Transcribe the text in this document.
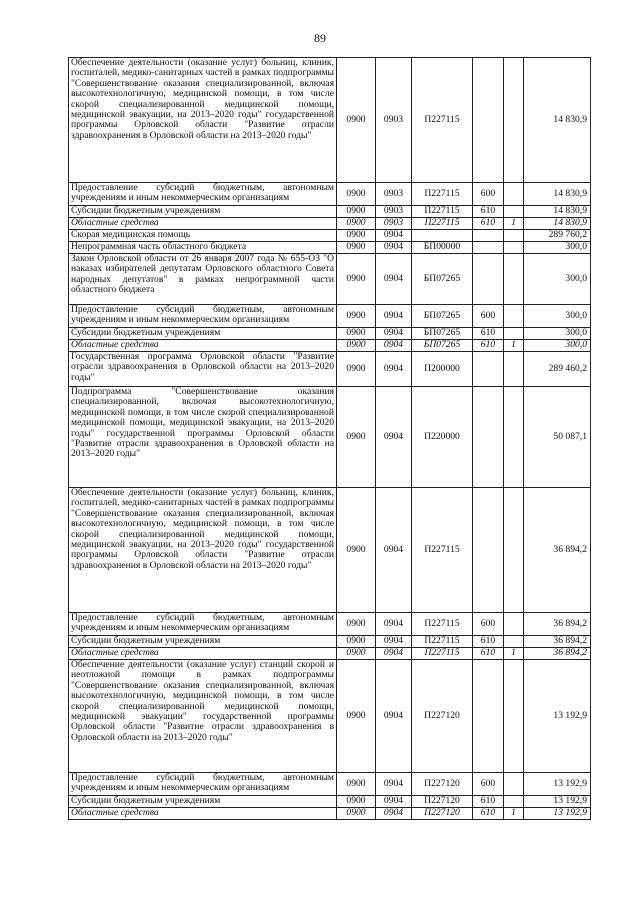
89
Обеспечение деятельности (оказание услуг) больниц, клиник, госпиталей, медико-санитарных частей в рамках подпрограммы "Совершенствование оказания специализированной, включая высокотехнологичную, медицинской помощи, в том числе скорой специализированной медицинской помощи, медицинской эвакуации, на 2013–2020 годы" государственной программы Орловской области "Развитие отрасли здравоохранения в Орловской области на 2013–2020 годы"	0900	0903	П227115			14 830,9
Предоставление субсидий бюджетным, автономным учреждениям и иным некоммерческим организациям	0900	0903	П227115	600		14 830,9
Субсидии бюджетным учреждениям	0900	0903	П227115	610		14 830,9
Областные средства	0900	0903	П227115	610	1	14 830,9
Скорая медицинская помощь	0900	0904				289 760,2
Непрограммная часть областного бюджета	0900	0904	БП00000			300,0
Закон Орловской области от 26 января 2007 года № 655-ОЗ "О наказах избирателей депутатам Орловского областного Совета народных депутатов" в рамках непрограммной части областного бюджета	0900	0904	БП07265			300,0
Предоставление субсидий бюджетным, автономным учреждениям и иным некоммерческим организациям	0900	0904	БП07265	600		300,0
Субсидии бюджетным учреждениям	0900	0904	БП07265	610		300,0
Областные средства	0900	0904	БП07265	610	1	300,0
Государственная программа Орловской области "Развитие отрасли здравоохранения в Орловской области на 2013–2020 годы"	0900	0904	П200000			289 460,2
Подпрограмма "Совершенствование оказания специализированной, включая высокотехнологичную, медицинской помощи, в том числе скорой специализированной медицинской помощи, медицинской эвакуации, на 2013–2020 годы" государственной программы Орловской области "Развитие отрасли здравоохранения в Орловской области на 2013–2020 годы"	0900	0904	П220000			50 087,1
Обеспечение деятельности (оказание услуг) больниц, клиник, госпиталей, медико-санитарных частей в рамках подпрограммы "Совершенствование оказания специализированной, включая высокотехнологичную, медицинской помощи, в том числе скорой специализированной медицинской помощи, медицинской эвакуации, на 2013–2020 годы" государственной программы Орловской области "Развитие отрасли здравоохранения в Орловской области на 2013–2020 годы"	0900	0904	П227115			36 894,2
Предоставление субсидий бюджетным, автономным учреждениям и иным некоммерческим организациям	0900	0904	П227115	600		36 894,2
Субсидии бюджетным учреждениям	0900	0904	П227115	610		36 894,2
Областные средства	0900	0904	П227115	610	1	36 894,2
Обеспечение деятельности (оказание услуг) станций скорой и неотложной помощи в рамках подпрограммы "Совершенствование оказания специализированной, включая высокотехнологичную, медицинской помощи, в том числе скорой специализированной медицинской помощи, медицинской эвакуации" государственной программы Орловской области "Развитие отрасли здравоохранения в Орловской области на 2013–2020 годы"	0900	0904	П227120			13 192,9
Предоставление субсидий бюджетным, автономным учреждениям и иным некоммерческим организациям	0900	0904	П227120	600		13 192,9
Субсидии бюджетным учреждениям	0900	0904	П227120	610		13 192,9
Областные средства	0900	0904	П227120	610	1	13 192,9
